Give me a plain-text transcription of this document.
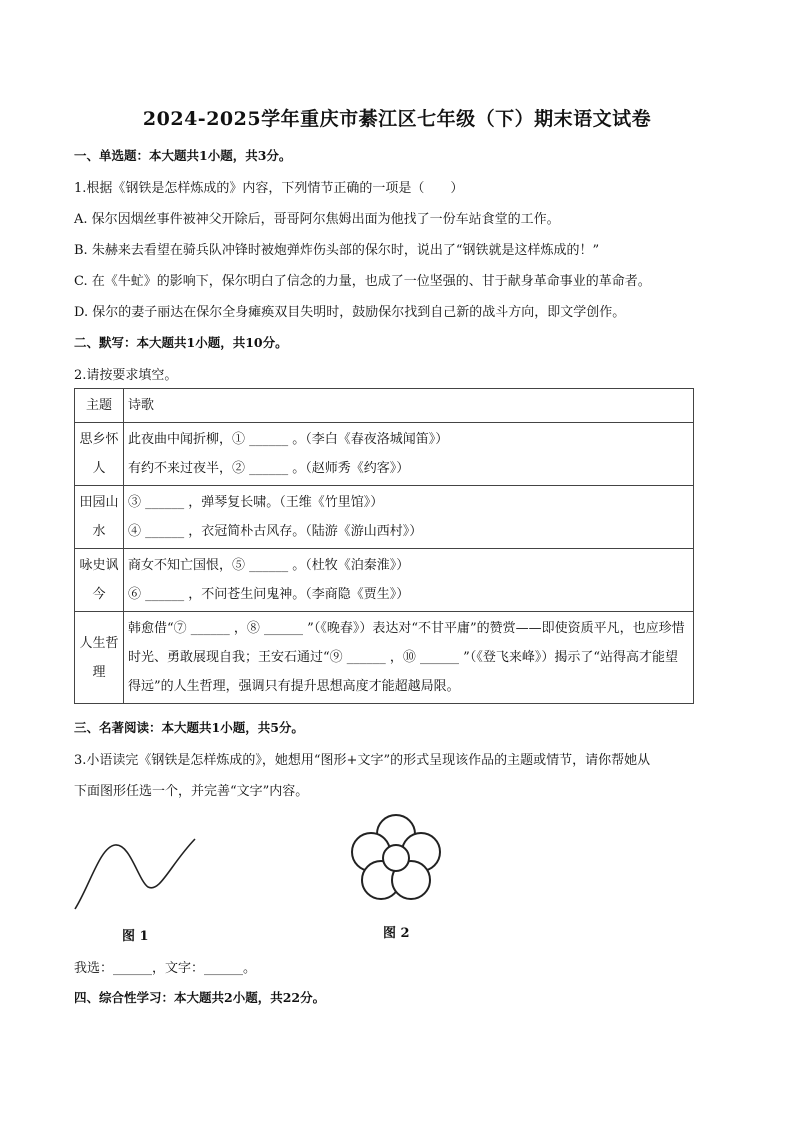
2024-2025学年重庆市綦江区七年级（下）期末语文试卷
一、单选题：本大题共1小题，共3分。
1.根据《钢铁是怎样炼成的》内容，下列情节正确的一项是（　　）
A. 保尔因烟丝事件被神父开除后，哥哥阿尔焦姆出面为他找了一份车站食堂的工作。
B. 朱赫来去看望在骑兵队冲锋时被炮弹炸伤头部的保尔时，说出了“钢铁就是这样炼成的！”
C. 在《牛虻》的影响下，保尔明白了信念的力量，也成了一位坚强的、甘于献身革命事业的革命者。
D. 保尔的妻子丽达在保尔全身瘫痪双目失明时，鼓励保尔找到自己新的战斗方向，即文学创作。
二、默写：本大题共1小题，共10分。
2.请按要求填空。
主题	诗歌
思乡怀人	此夜曲中闻折柳，① ______ 。（李白《春夜洛城闻笛》）
有约不来过夜半，② ______ 。（赵师秀《约客》）

田园山水	③ ______ ，弹琴复长啸。（王维《竹里馆》）
④ ______ ，衣冠简朴古风存。（陆游《游山西村》）

咏史讽今	商女不知亡国恨，⑤ ______ 。（杜牧《泊秦淮》）
⑥ ______ ，不问苍生问鬼神。（李商隐《贾生》）

人生哲理	韩愈借“⑦ ______ ，⑧ ______ ”（《晚春》）表达对“不甘平庸”的赞赏——即使资质平凡，也应珍惜时光、勇敢展现自我；王安石通过“⑨ ______ ，⑩ ______ ”（《登飞来峰》）揭示了“站得高才能望得远”的人生哲理，强调只有提升思想高度才能超越局限。
三、名著阅读：本大题共1小题，共5分。
3.小语读完《钢铁是怎样炼成的》，她想用“图形+文字”的形式呈现该作品的主题或情节，请你帮她从
下面图形任选一个，并完善“文字”内容。
图 1	图 2
我选：______，文字：______。
四、综合性学习：本大题共2小题，共22分。
